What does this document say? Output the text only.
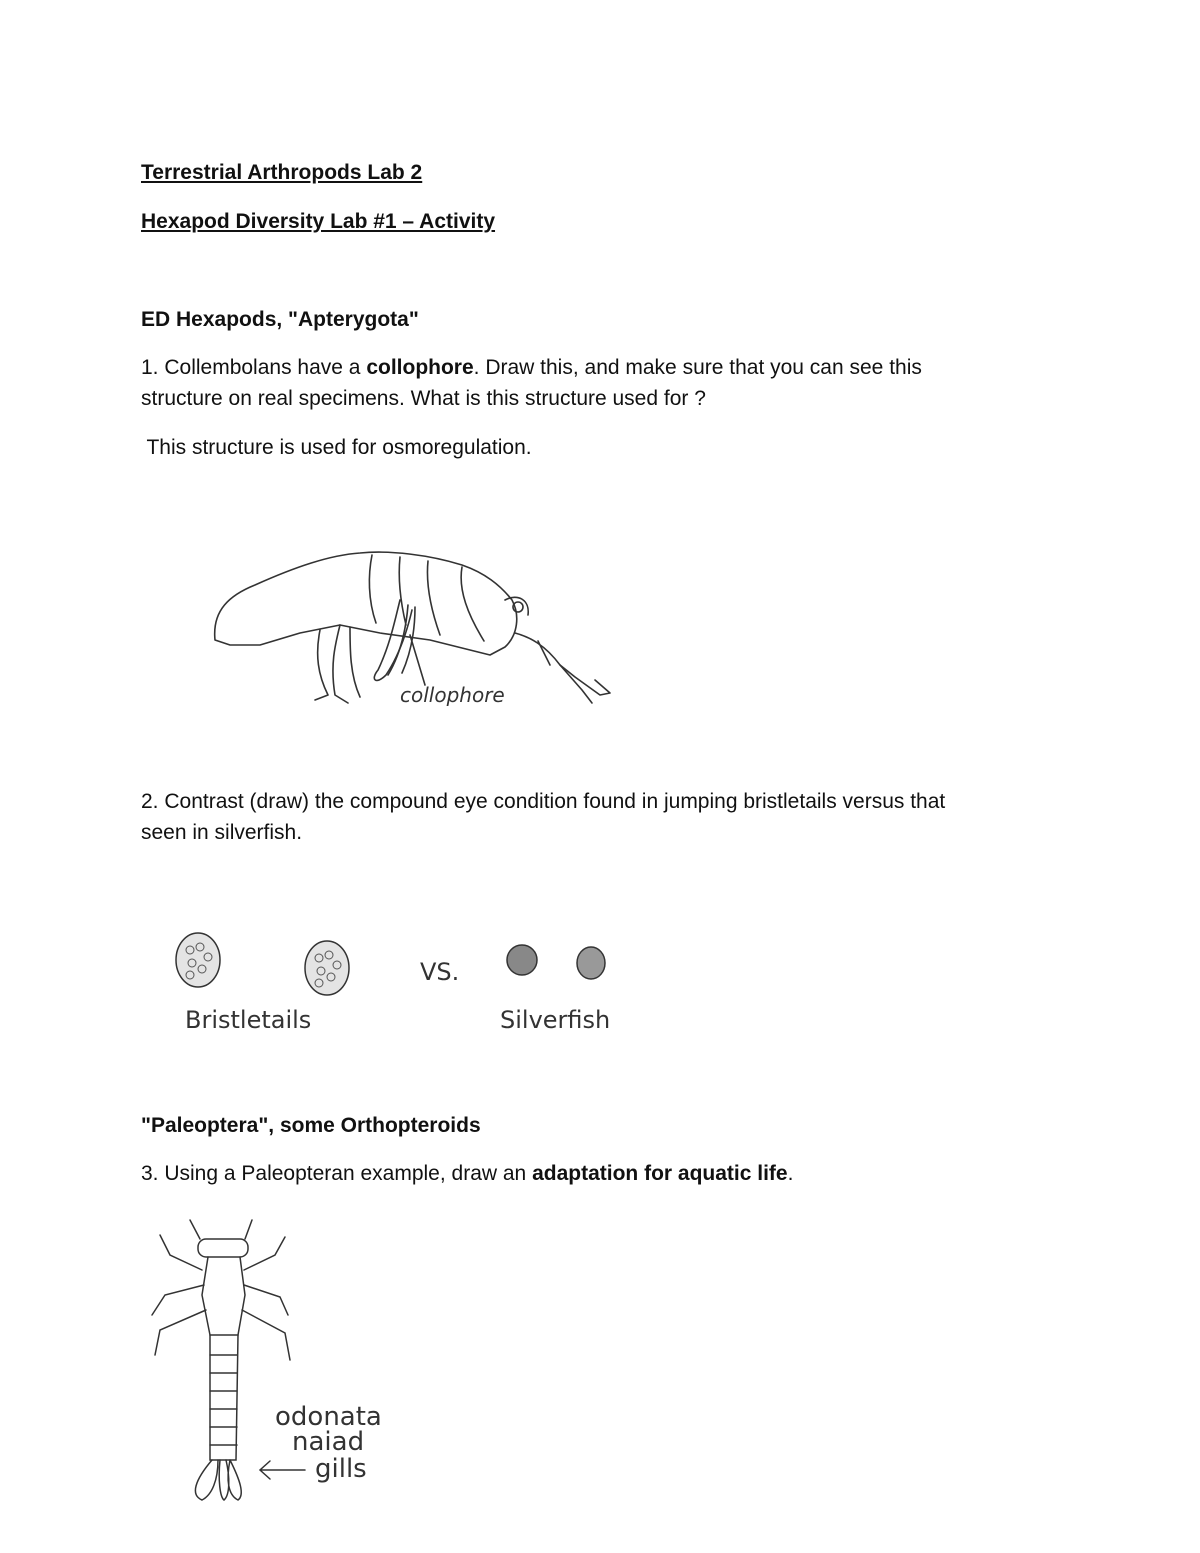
Terrestrial Arthropods Lab 2
Hexapod Diversity Lab #1 – Activity
ED Hexapods, "Apterygota"
1. Collembolans have a collophore. Draw this, and make sure that you can see this
structure on real specimens. What is this structure used for ?
This structure is used for osmoregulation.
collophore
2. Contrast (draw) the compound eye condition found in jumping bristletails versus that
seen in silverfish.
VS.
Bristletails	Silverfish
"Paleoptera", some Orthopteroids
3. Using a Paleopteran example, draw an adaptation for aquatic life.
odonata
naiad
gills
